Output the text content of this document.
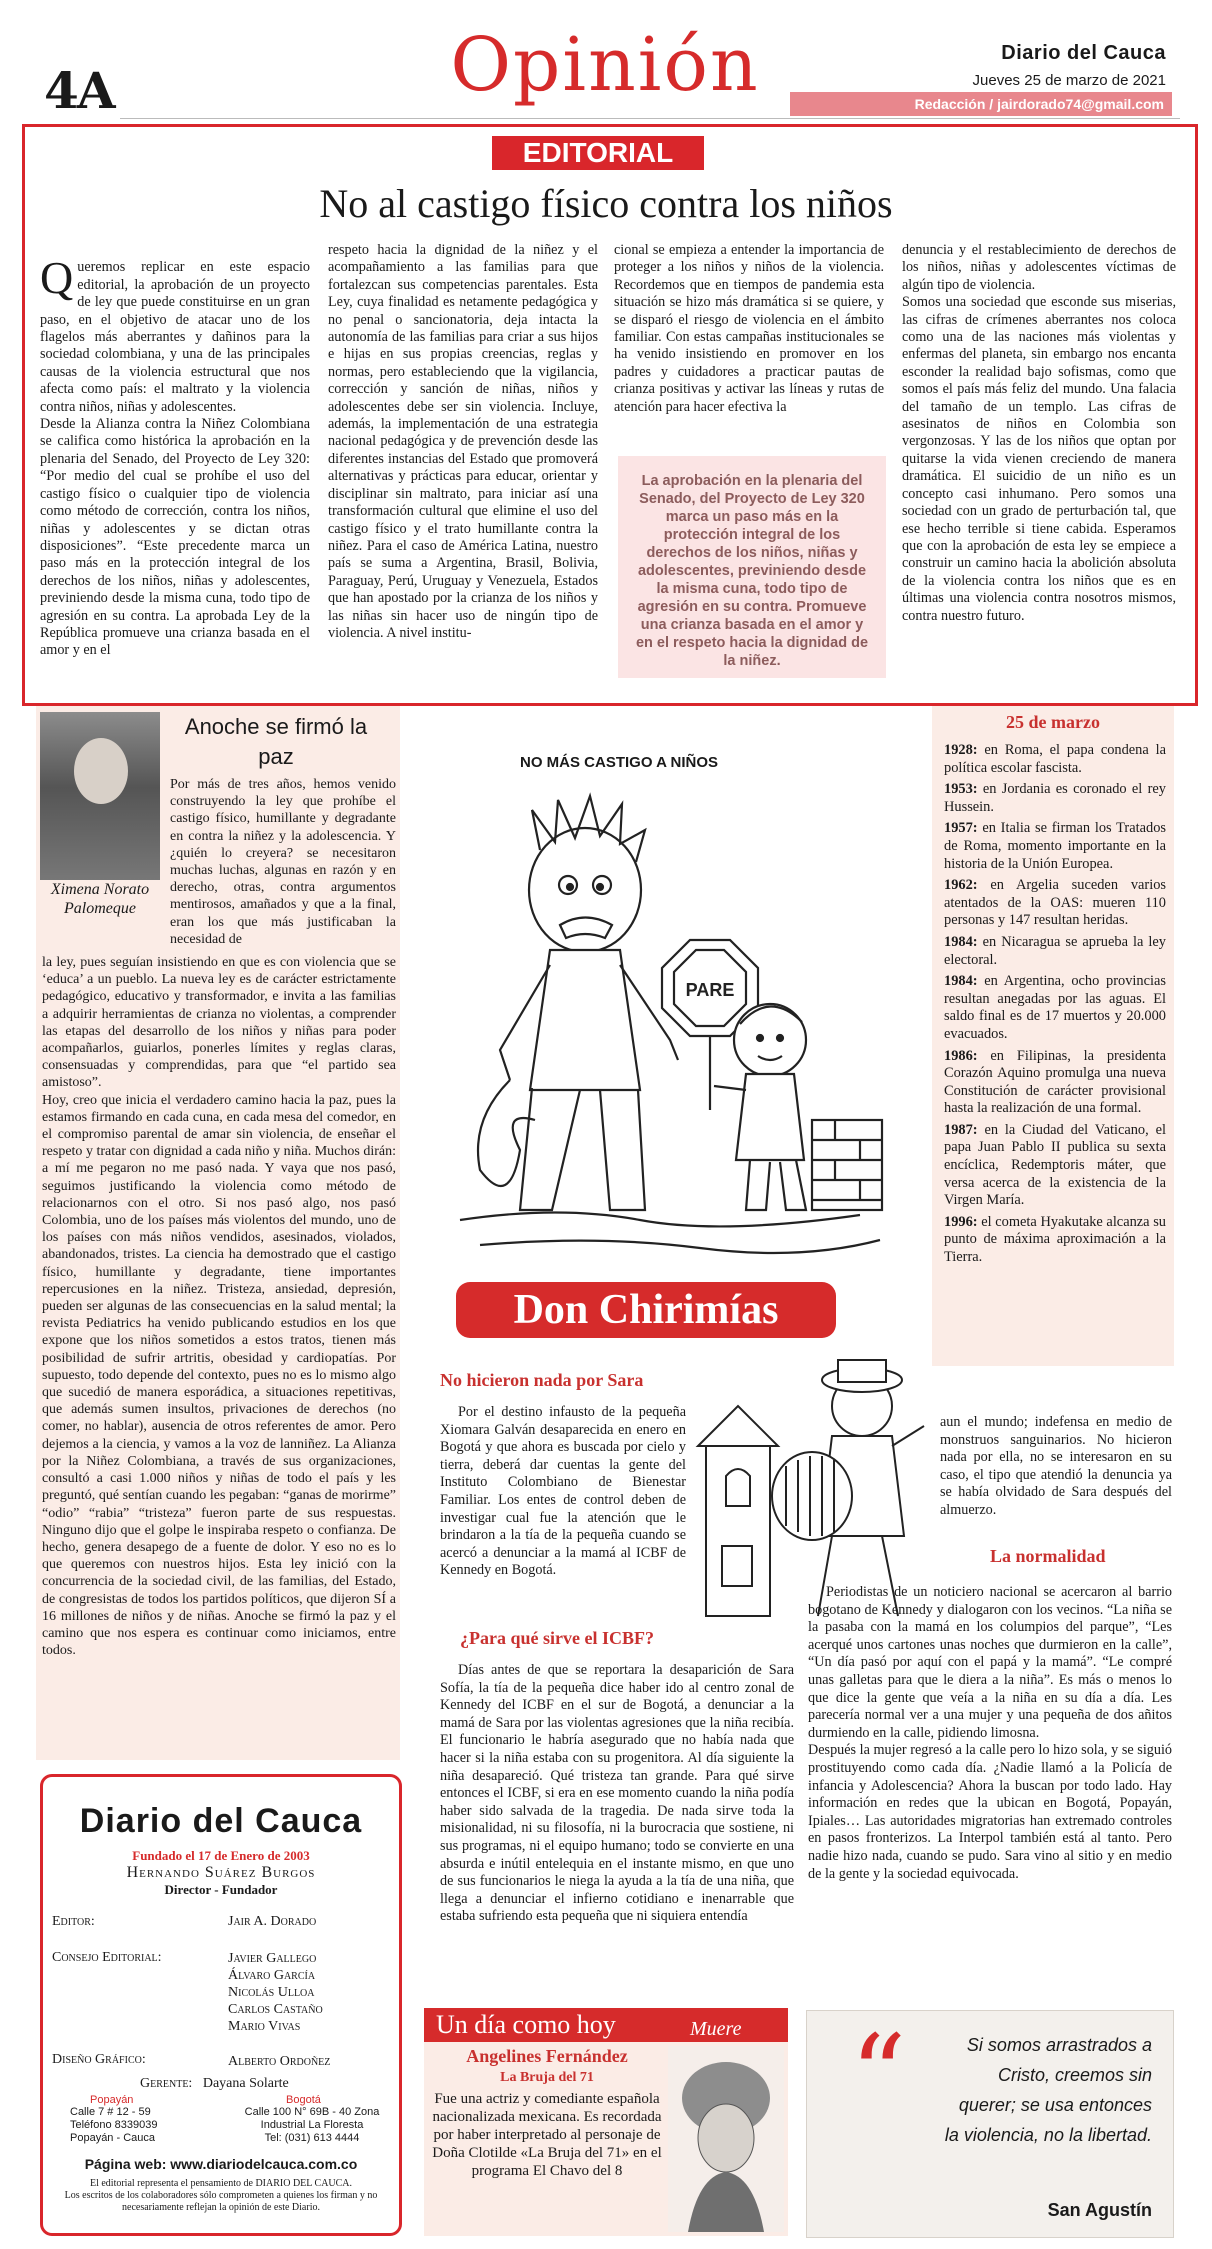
4A	Opinión	Diario del Cauca
Jueves 25 de marzo de 2021
Redacción / jairdorado74@gmail.com
EDITORIAL
No al castigo físico contra los niños

Queremos replicar en este espacio editorial, la aprobación de un proyecto de ley que puede constituirse en un gran paso, en el objetivo de atacar uno de los flagelos más aberrantes y dañinos para la sociedad colombiana, y una de las principales causas de la violencia estructural que nos afecta como país: el maltrato y la violencia contra niños, niñas y adolescentes.
Desde la Alianza contra la Niñez Colombiana se califica como histórica la aprobación en la plenaria del Senado, del Proyecto de Ley 320: “Por medio del cual se prohíbe el uso del castigo físico o cualquier tipo de violencia como método de corrección, contra los niños, niñas y adolescentes y se dictan otras disposiciones”. “Este precedente marca un paso más en la protección integral de los derechos de los niños, niñas y adolescentes, previniendo desde la misma cuna, todo tipo de agresión en su contra. La aprobada Ley de la República promueve una crianza basada en el amor y en el

respeto hacia la dignidad de la niñez y el acompañamiento a las familias para que fortalezcan sus competencias parentales. Esta Ley, cuya finalidad es netamente pedagógica y no penal o sancionatoria, deja intacta la autonomía de las familias para criar a sus hijos e hijas en sus propias creencias, reglas y normas, pero estableciendo que la vigilancia, corrección y sanción de niñas, niños y adolescentes debe ser sin violencia. Incluye, además, la implementación de una estrategia nacional pedagógica y de prevención desde las diferentes instancias del Estado que promoverá alternativas y prácticas para educar, orientar y disciplinar sin maltrato, para iniciar así una transformación cultural que elimine el uso del castigo físico y el trato humillante contra la niñez. Para el caso de América Latina, nuestro país se suma a Argentina, Brasil, Bolivia, Paraguay, Perú, Uruguay y Venezuela, Estados que han apostado por la crianza de los niños y las niñas sin hacer uso de ningún tipo de violencia. A nivel institu-
cional se empieza a entender la importancia de proteger a los niños y niños de la violencia. Recordemos que en tiempos de pandemia esta situación se hizo más dramática si se quiere, y se disparó el riesgo de violencia en el ámbito familiar. Con estas campañas institucionales se ha venido insistiendo en promover en los padres y cuidadores a practicar pautas de crianza positivas y activar las líneas y rutas de atención para hacer efectiva la
La aprobación en la plenaria del Senado, del Proyecto de Ley 320 marca un paso más en la protección integral de los derechos de los niños, niñas y adolescentes, previniendo desde la misma cuna, todo tipo de agresión en su contra. Promueve una crianza basada en el amor y en el respeto hacia la dignidad de la niñez.
denuncia y el restablecimiento de derechos de los niños, niñas y adolescentes víctimas de algún tipo de violencia.
Somos una sociedad que esconde sus miserias, las cifras de crímenes aberrantes nos coloca como una de las naciones más violentas y enfermas del planeta, sin embargo nos encanta esconder la realidad bajo sofismas, como que somos el país más feliz del mundo. Una falacia del tamaño de un templo. Las cifras de asesinatos de niños en Colombia son vergonzosas. Y las de los niños que optan por quitarse la vida vienen creciendo de manera dramática. El suicidio de un niño es un concepto casi inhumano. Pero somos una sociedad con un grado de perturbación tal, que ese hecho terrible si tiene cabida. Esperamos que con la aprobación de esta ley se empiece a construir un camino hacia la abolición absoluta de la violencia contra los niños que es en últimas una violencia contra nosotros mismos, contra nuestro futuro.
Anoche se firmó la paz
Ximena Norato Palomeque
Por más de tres años, hemos venido construyendo la ley que prohíbe el castigo físico, humillante y degradante en contra la niñez y la adolescencia. Y ¿quién lo creyera? se necesitaron muchas luchas, algunas en razón y en derecho, otras, contra argumentos mentirosos, amañados y que a la final, eran los que más justificaban la necesidad de
la ley, pues seguían insistiendo en que es con violencia que se ‘educa’ a un pueblo. La nueva ley es de carácter estrictamente pedagógico, educativo y transformador, e invita a las familias a adquirir herramientas de crianza no violentas, a comprender las etapas del desarrollo de los niños y niñas para poder acompañarlos, guiarlos, ponerles límites y reglas claras, consensuadas y comprendidas, para que “el partido sea amistoso”.
Hoy, creo que inicia el verdadero camino hacia la paz, pues la estamos firmando en cada cuna, en cada mesa del comedor, en el compromiso parental de amar sin violencia, de enseñar el respeto y tratar con dignidad a cada niño y niña. Muchos dirán: a mí me pegaron no me pasó nada. Y vaya que nos pasó, seguimos justificando la violencia como método de relacionarnos con el otro. Si nos pasó algo, nos pasó Colombia, uno de los países más violentos del mundo, uno de los países con más niños vendidos, asesinados, violados, abandonados, tristes. La ciencia ha demostrado que el castigo físico, humillante y degradante, tiene importantes repercusiones en la niñez. Tristeza, ansiedad, depresión, pueden ser algunas de las consecuencias en la salud mental; la revista Pediatrics ha venido publicando estudios en los que expone que los niños sometidos a estos tratos, tienen más posibilidad de sufrir artritis, obesidad y cardiopatías. Por supuesto, todo depende del contexto, pues no es lo mismo algo que sucedió de manera esporádica, a situaciones repetitivas, que además sumen insultos, privaciones de derechos (no comer, no hablar), ausencia de otros referentes de amor. Pero dejemos a la ciencia, y vamos a la voz de lanniñez. La Alianza por la Niñez Colombiana, a través de sus organizaciones, consultó a casi 1.000 niños y niñas de todo el país y les preguntó, qué sentían cuando les pegaban: “ganas de morirme” “odio” “rabia” “tristeza” fueron parte de sus respuestas. Ninguno dijo que el golpe le inspiraba respeto o confianza. De hecho, genera desapego de a fuente de dolor. Y eso no es lo que queremos con nuestros hijos. Esta ley inició con la concurrencia de la sociedad civil, de las familias, del Estado, de congresistas de todos los partidos políticos, que dijeron SÍ a 16 millones de niños y de niñas. Anoche se firmó la paz y el camino que nos espera es continuar como iniciamos, entre todos.
NO MÁS CASTIGO A NIÑOS
PARE
25 de marzo
1928: en Roma, el papa condena la política escolar fascista.
1953: en Jordania es coronado el rey Hussein.
1957: en Italia se firman los Tratados de Roma, momento importante en la historia de la Unión Europea.
1962: en Argelia suceden varios atentados de la OAS: mueren 110 personas y 147 resultan heridas.
1984: en Nicaragua se aprueba la ley electoral.
1984: en Argentina, ocho provincias resultan anegadas por las aguas. El saldo final es de 17 muertos y 20.000 evacuados.
1986: en Filipinas, la presidenta Corazón Aquino promulga una nueva Constitución de carácter provisional hasta la realización de una formal.
1987: en la Ciudad del Vaticano, el papa Juan Pablo II publica su sexta encíclica, Redemptoris máter, que versa acerca de la existencia de la Virgen María.
1996: el cometa Hyakutake alcanza su punto de máxima aproximación a la Tierra.
Don Chirimías
No hicieron nada por Sara
Por el destino infausto de la pequeña Xiomara Galván desaparecida en enero en Bogotá y que ahora es buscada por cielo y tierra, deberá dar cuentas la gente del Instituto Colombiano de Bienestar Familiar. Los entes de control deben de investigar cual fue la atención que le brindaron a la tía de la pequeña cuando se acercó a denunciar a la mamá al ICBF de Kennedy en Bogotá.
¿Para qué sirve el ICBF?
aun el mundo; indefensa en medio de monstruos sanguinarios. No hicieron nada por ella, no se interesaron en su caso, el tipo que atendió la denuncia ya se había olvidado de Sara después del almuerzo.
La normalidad
Días antes de que se reportara la desaparición de Sara Sofía, la tía de la pequeña dice haber ido al centro zonal de Kennedy del ICBF en el sur de Bogotá, a denunciar a la mamá de Sara por las violentas agresiones que la niña recibía. El funcionario le habría asegurado que no había nada que hacer si la niña estaba con su progenitora. Al día siguiente la niña desapareció. Qué tristeza tan grande. Para qué sirve entonces el ICBF, si era en ese momento cuando la niña podía haber sido salvada de la tragedia. De nada sirve toda la misionalidad, ni su filosofía, ni la burocracia que sostiene, ni sus programas, ni el equipo humano; todo se convierte en una absurda e inútil entelequia en el instante mismo, en que uno de sus funcionarios le niega la ayuda a la tía de una niña, que llega a denunciar el infierno cotidiano e inenarrable que estaba sufriendo esta pequeña que ni siquiera entendía
Periodistas de un noticiero nacional se acercaron al barrio bogotano de Kennedy y dialogaron con los vecinos. “La niña se la pasaba con la mamá en los columpios del parque”, “Les acerqué unos cartones unas noches que durmieron en la calle”, “Un día pasó por aquí con el papá y la mamá”. “Le compré unas galletas para que le diera a la niña”. Es más o menos lo que dice la gente que veía a la niña en su día a día. Les parecería normal ver a una mujer y una pequeña de dos añitos durmiendo en la calle, pidiendo limosna.
Después la mujer regresó a la calle pero lo hizo sola, y se siguió prostituyendo como cada día. ¿Nadie llamó a la Policía de infancia y Adolescencia? Ahora la buscan por todo lado. Hay información en redes que la ubican en Bogotá, Popayán, Ipiales… Las autoridades migratorias han extremado controles en pasos fronterizos. La Interpol también está al tanto. Pero nadie hizo nada, cuando se pudo. Sara vino al sitio y en medio de la gente y la sociedad equivocada.
Diario del Cauca
Fundado el 17 de Enero de 2003
Hernando Suárez Burgos
Director - Fundador
Editor:	Jair A. Dorado
Consejo Editorial:	Javier Gallego
Álvaro García
Nicolás Ulloa
Carlos Castaño
Mario Vivas
Diseño Gráfico:	Alberto Ordoñez
Gerente: Dayana Solarte
Popayán
Calle 7 # 12 - 59
Teléfono 8339039
Popayán - Cauca
Bogotá
Calle 100 N° 69B - 40 Zona Industrial La Floresta
Tel: (031) 613 4444
Página web: www.diariodelcauca.com.co
El editorial representa el pensamiento de DIARIO DEL CAUCA.
Los escritos de los colaboradores sólo comprometen a quienes los firman y no necesariamente reflejan la opinión de este Diario.
Un día como hoy	Muere
Angelines Fernández
La Bruja del 71
Fue una actriz y comediante española nacionalizada mexicana. Es recordada por haber interpretado al personaje de Doña Clotilde «La Bruja del 71» en el programa El Chavo del 8
“	Si somos arrastrados a Cristo, creemos sin querer; se usa entonces la violencia, no la libertad.
San Agustín
